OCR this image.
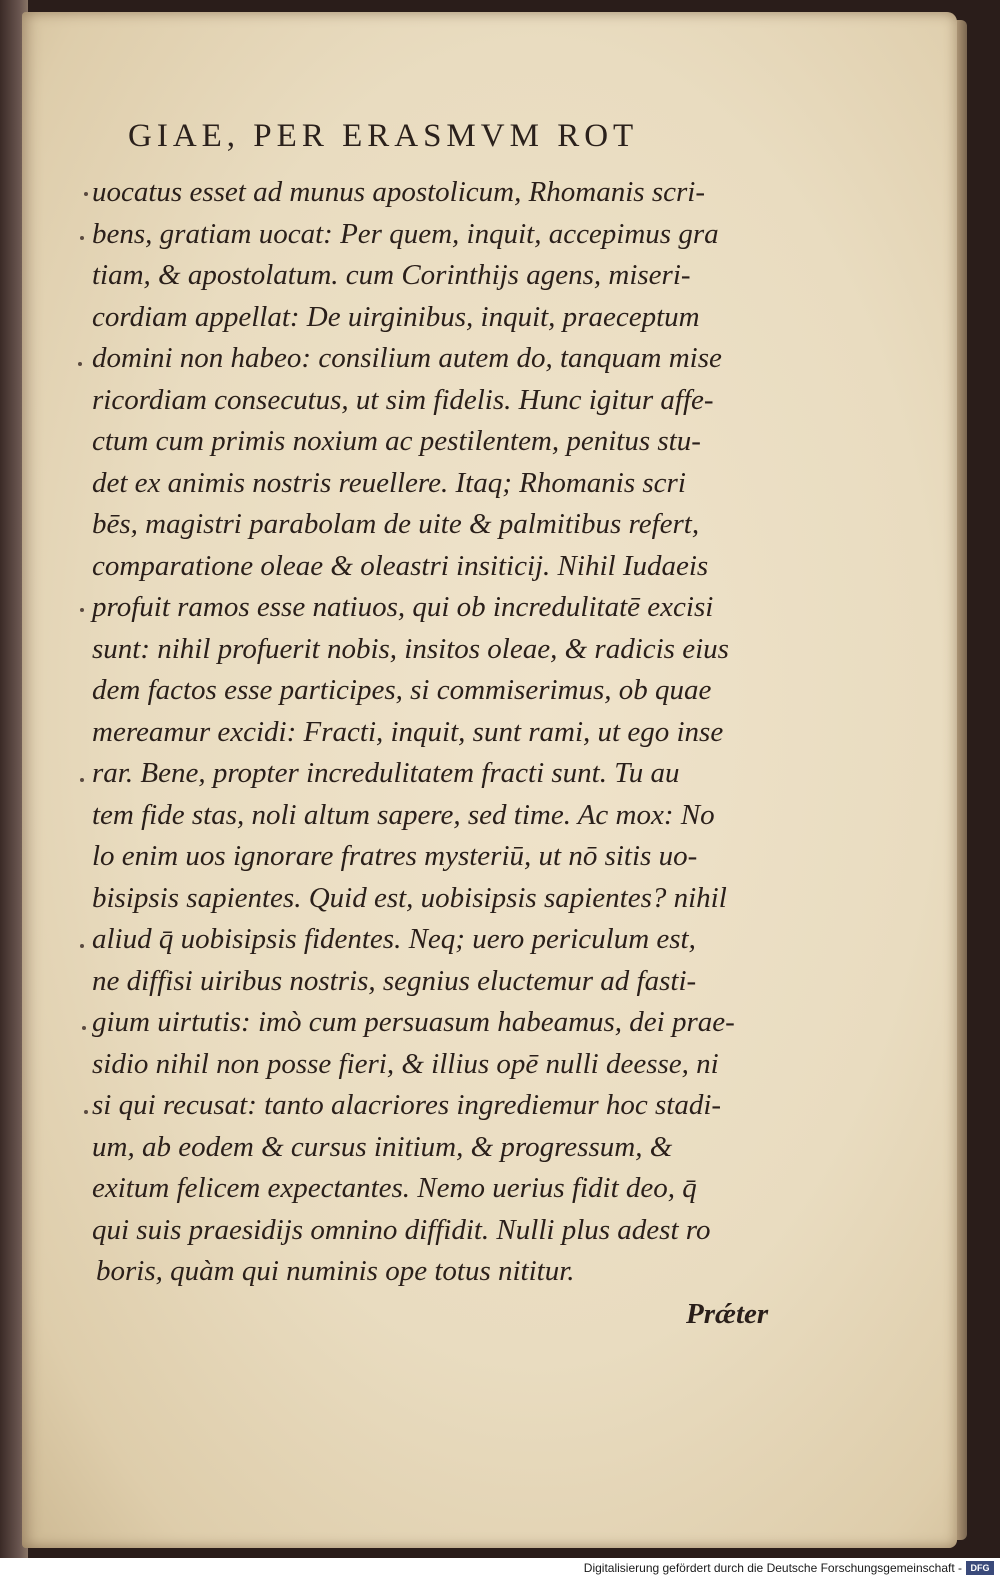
GIAE, PER ERASMVM ROT
uocatus esset ad munus apostolicum, Rhomanis scri-
bens, gratiam uocat: Per quem, inquit, accepimus gra
tiam, & apostolatum. cum Corinthijs agens, miseri-
cordiam appellat: De uirginibus, inquit, praeceptum
domini non habeo: consilium autem do, tanquam mise
ricordiam consecutus, ut sim fidelis. Hunc igitur affe-
ctum cum primis noxium ac pestilentem, penitus stu-
det ex animis nostris reuellere. Itaq; Rhomanis scri
bēs, magistri parabolam de uite & palmitibus refert,
comparatione oleae & oleastri insiticij. Nihil Iudaeis
profuit ramos esse natiuos, qui ob incredulitatē excisi
sunt: nihil profuerit nobis, insitos oleae, & radicis eius
dem factos esse participes, si commiserimus, ob quae
mereamur excidi: Fracti, inquit, sunt rami, ut ego inse
rar. Bene, propter incredulitatem fracti sunt. Tu au
tem fide stas, noli altum sapere, sed time. Ac mox: No
lo enim uos ignorare fratres mysteriū, ut nō sitis uo-
bisipsis sapientes. Quid est, uobisipsis sapientes? nihil
aliud q̄ uobisipsis fidentes. Neq; uero periculum est,
ne diffisi uiribus nostris, segnius eluctemur ad fasti-
gium uirtutis: imò cum persuasum habeamus, dei prae-
sidio nihil non posse fieri, & illius opē nulli deesse, ni
si qui recusat: tanto alacriores ingrediemur hoc stadi-
um, ab eodem & cursus initium, & progressum, &
exitum felicem expectantes. Nemo uerius fidit deo, q̄
qui suis praesidijs omnino diffidit. Nulli plus adest ro
boris, quàm qui numinis ope totus nititur.
Prǽter
Digitalisierung gefördert durch die Deutsche Forschungsgemeinschaft - DFG
